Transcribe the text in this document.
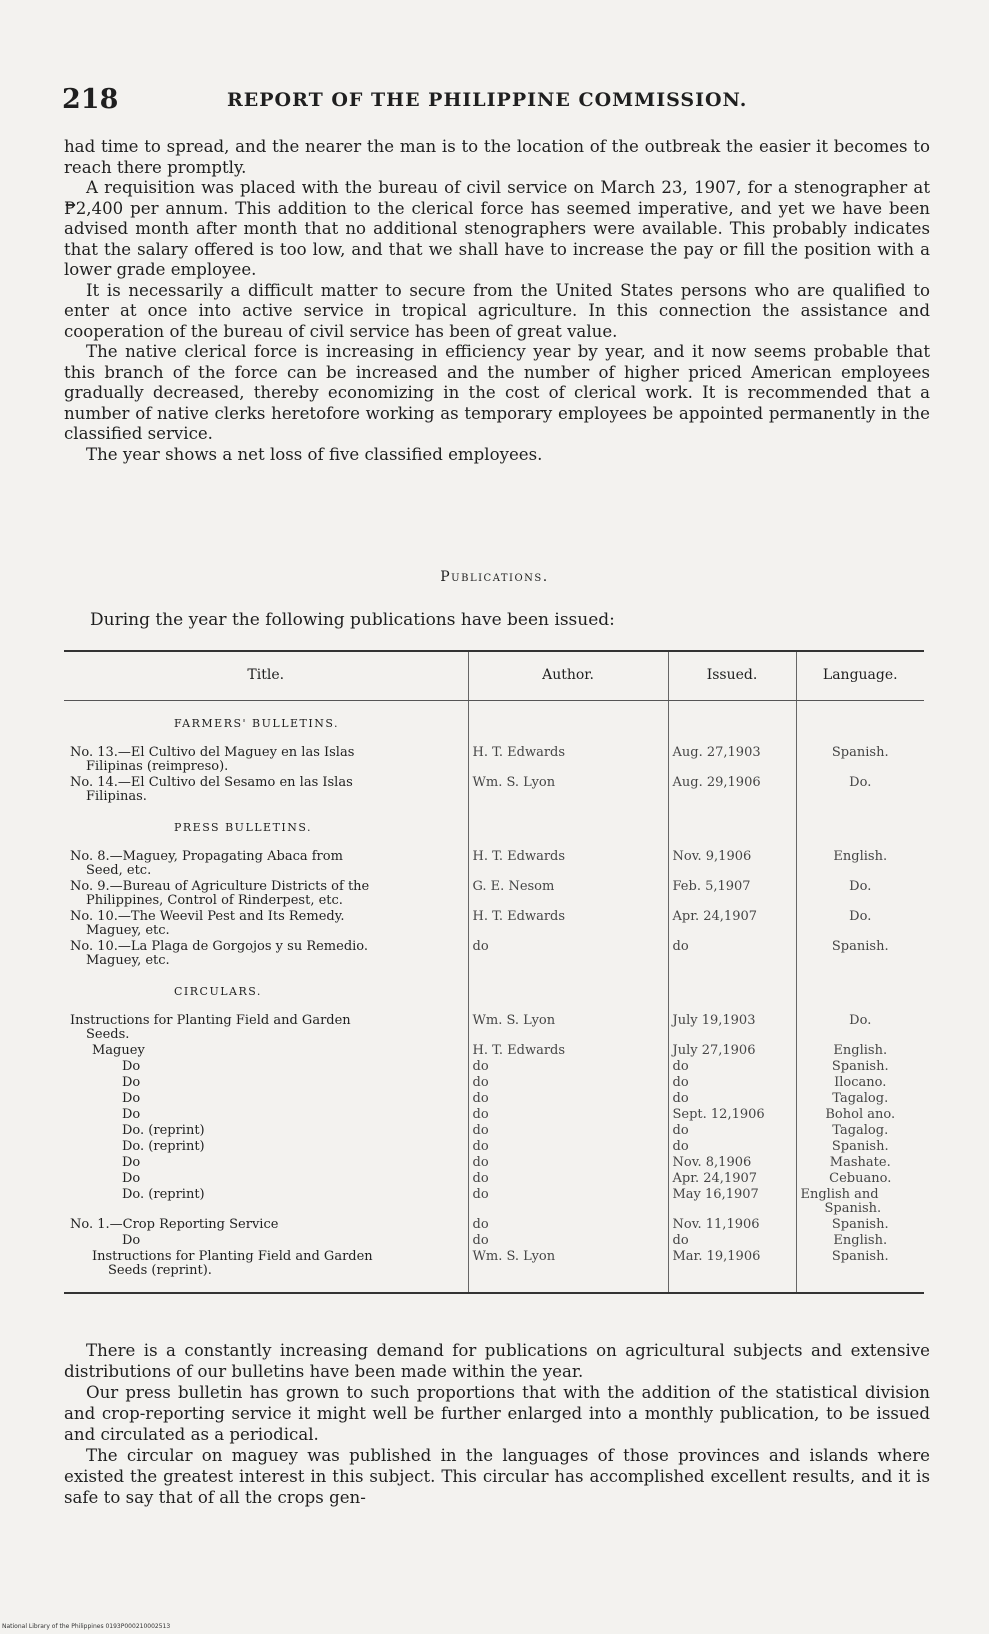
218	REPORT OF THE PHILIPPINE COMMISSION.

had time to spread, and the nearer the man is to the location of the outbreak the easier it becomes to reach there promptly.

A requisition was placed with the bureau of civil service on March 23, 1907, for a stenographer at ₱2,400 per annum. This addition to the clerical force has seemed imperative, and yet we have been advised month after month that no additional stenographers were available. This probably indicates that the salary offered is too low, and that we shall have to increase the pay or fill the position with a lower grade employee.

It is necessarily a difficult matter to secure from the United States persons who are qualified to enter at once into active service in tropical agriculture. In this connection the assistance and cooperation of the bureau of civil service has been of great value.

The native clerical force is increasing in efficiency year by year, and it now seems probable that this branch of the force can be increased and the number of higher priced American employees gradually decreased, thereby economizing in the cost of clerical work. It is recommended that a number of native clerks heretofore working as temporary employees be appointed permanently in the classified service.

The year shows a net loss of five classified employees.

Publications.
During the year the following publications have been issued:
Title.	Author.	Issued.	Language.
FARMERS' BULLETINS.			
No. 13.—El Cultivo del Maguey en las Islas
Filipinas (reimpreso).	H. T. Edwards	Aug. 27,1903	Spanish.
No. 14.—El Cultivo del Sesamo en las Islas
Filipinas.	Wm. S. Lyon	Aug. 29,1906	Do.
PRESS BULLETINS.			
No. 8.—Maguey, Propagating Abaca from
Seed, etc.	H. T. Edwards	Nov. 9,1906	English.
No. 9.—Bureau of Agriculture Districts of the
Philippines, Control of Rinderpest, etc.	G. E. Nesom	Feb. 5,1907	Do.
No. 10.—The Weevil Pest and Its Remedy.
Maguey, etc.	H. T. Edwards	Apr. 24,1907	Do.
No. 10.—La Plaga de Gorgojos y su Remedio.
Maguey, etc.	do	do	Spanish.
CIRCULARS.			
Instructions for Planting Field and Garden
Seeds.	Wm. S. Lyon	July 19,1903	Do.
Maguey	H. T. Edwards	July 27,1906	English.
Do	do	do	Spanish.
Do	do	do	Ilocano.
Do	do	do	Tagalog.
Do	do	Sept. 12,1906	Bohol ano.
Do. (reprint)	do	do	Tagalog.
Do. (reprint)	do	do	Spanish.
Do	do	Nov. 8,1906	Mashate.
Do	do	Apr. 24,1907	Cebuano.
Do. (reprint)	do	May 16,1907	English and
Spanish.
No. 1.—Crop Reporting Service	do	Nov. 11,1906	Spanish.
Do	do	do	English.
Instructions for Planting Field and Garden
Seeds (reprint).	Wm. S. Lyon	Mar. 19,1906	Spanish.

There is a constantly increasing demand for publications on agricultural subjects and extensive distributions of our bulletins have been made within the year.

Our press bulletin has grown to such proportions that with the addition of the statistical division and crop-reporting service it might well be further enlarged into a monthly publication, to be issued and circulated as a periodical.

The circular on maguey was published in the languages of those provinces and islands where existed the greatest interest in this subject. This circular has accomplished excellent results, and it is safe to say that of all the crops gen-

National Library of the Philippines 0193P000210002513
